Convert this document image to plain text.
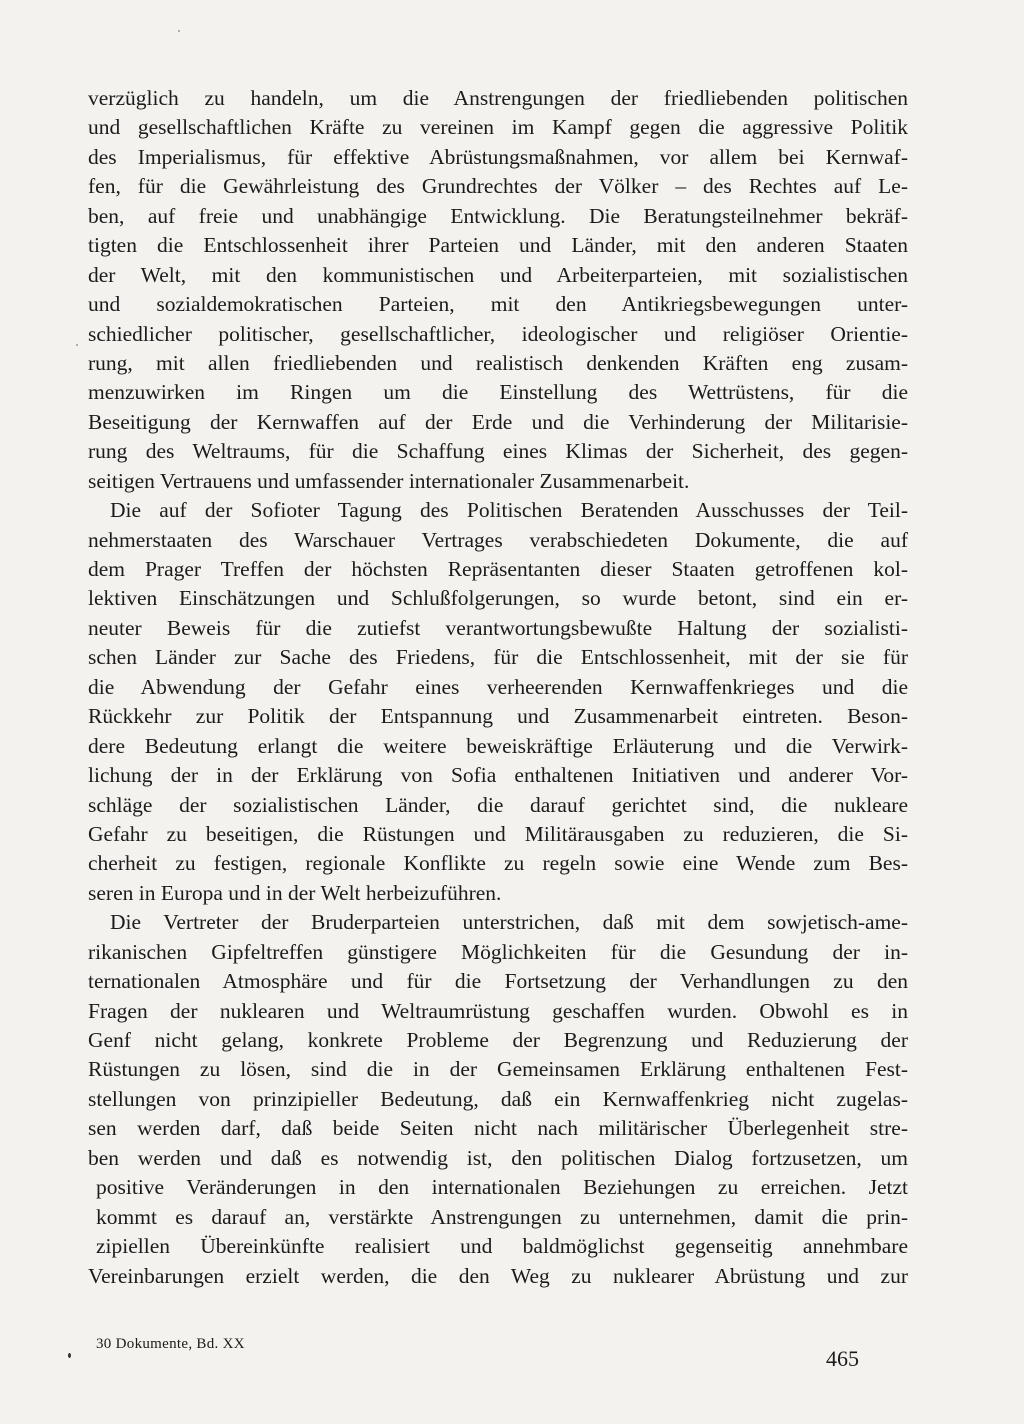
verzüglich zu handeln, um die Anstrengungen der friedliebenden politischen
und gesellschaftlichen Kräfte zu vereinen im Kampf gegen die aggressive Politik
des Imperialismus, für effektive Abrüstungsmaßnahmen, vor allem bei Kernwaf-
fen, für die Gewährleistung des Grundrechtes der Völker – des Rechtes auf Le-
ben, auf freie und unabhängige Entwicklung. Die Beratungsteilnehmer bekräf-
tigten die Entschlossenheit ihrer Parteien und Länder, mit den anderen Staaten
der Welt, mit den kommunistischen und Arbeiterparteien, mit sozialistischen
und sozialdemokratischen Parteien, mit den Antikriegsbewegungen unter-
schiedlicher politischer, gesellschaftlicher, ideologischer und religiöser Orientie-
rung, mit allen friedliebenden und realistisch denkenden Kräften eng zusam-
menzuwirken im Ringen um die Einstellung des Wettrüstens, für die
Beseitigung der Kernwaffen auf der Erde und die Verhinderung der Militarisie-
rung des Weltraums, für die Schaffung eines Klimas der Sicherheit, des gegen-
seitigen Vertrauens und umfassender internationaler Zusammenarbeit.
Die auf der Sofioter Tagung des Politischen Beratenden Ausschusses der Teil-
nehmerstaaten des Warschauer Vertrages verabschiedeten Dokumente, die auf
dem Prager Treffen der höchsten Repräsentanten dieser Staaten getroffenen kol-
lektiven Einschätzungen und Schlußfolgerungen, so wurde betont, sind ein er-
neuter Beweis für die zutiefst verantwortungsbewußte Haltung der sozialisti-
schen Länder zur Sache des Friedens, für die Entschlossenheit, mit der sie für
die Abwendung der Gefahr eines verheerenden Kernwaffenkrieges und die
Rückkehr zur Politik der Entspannung und Zusammenarbeit eintreten. Beson-
dere Bedeutung erlangt die weitere beweiskräftige Erläuterung und die Verwirk-
lichung der in der Erklärung von Sofia enthaltenen Initiativen und anderer Vor-
schläge der sozialistischen Länder, die darauf gerichtet sind, die nukleare
Gefahr zu beseitigen, die Rüstungen und Militärausgaben zu reduzieren, die Si-
cherheit zu festigen, regionale Konflikte zu regeln sowie eine Wende zum Bes-
seren in Europa und in der Welt herbeizuführen.
Die Vertreter der Bruderparteien unterstrichen, daß mit dem sowjetisch-ame-
rikanischen Gipfeltreffen günstigere Möglichkeiten für die Gesundung der in-
ternationalen Atmosphäre und für die Fortsetzung der Verhandlungen zu den
Fragen der nuklearen und Weltraumrüstung geschaffen wurden. Obwohl es in
Genf nicht gelang, konkrete Probleme der Begrenzung und Reduzierung der
Rüstungen zu lösen, sind die in der Gemeinsamen Erklärung enthaltenen Fest-
stellungen von prinzipieller Bedeutung, daß ein Kernwaffenkrieg nicht zugelas-
sen werden darf, daß beide Seiten nicht nach militärischer Überlegenheit stre-
ben werden und daß es notwendig ist, den politischen Dialog fortzusetzen, um
positive Veränderungen in den internationalen Beziehungen zu erreichen. Jetzt
kommt es darauf an, verstärkte Anstrengungen zu unternehmen, damit die prin-
zipiellen Übereinkünfte realisiert und baldmöglichst gegenseitig annehmbare
Vereinbarungen erzielt werden, die den Weg zu nuklearer Abrüstung und zur
30 Dokumente, Bd. XX
465
